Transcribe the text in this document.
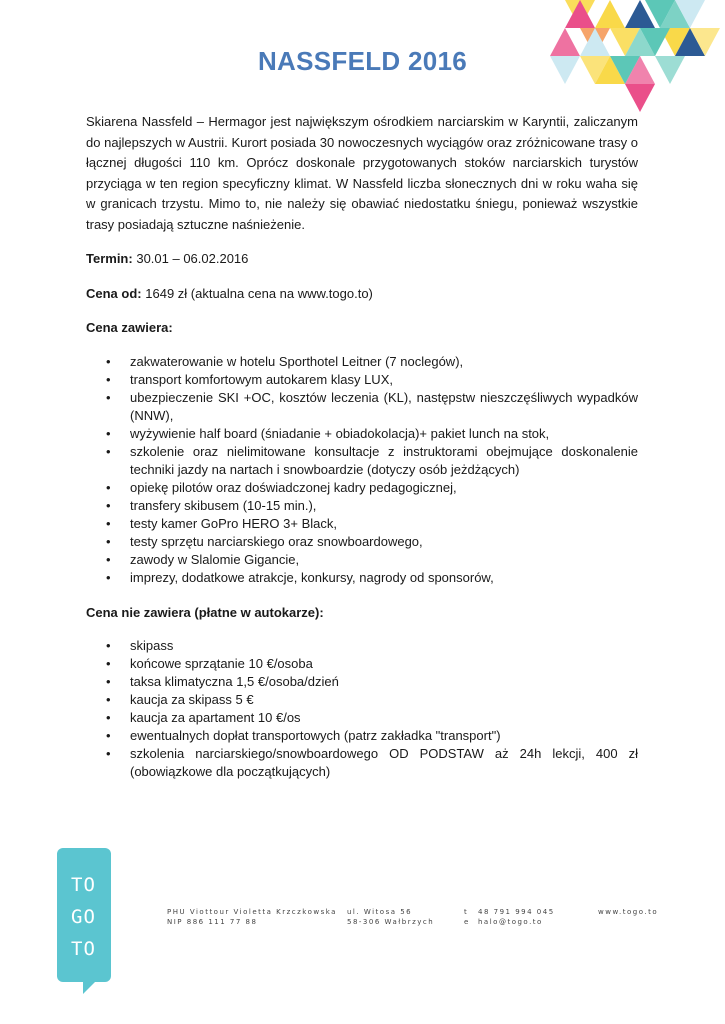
NASSFELD 2016

Skiarena Nassfeld – Hermagor jest największym ośrodkiem narciarskim w Karyntii, zaliczanym do najlepszych w Austrii. Kurort posiada 30 nowoczesnych wyciągów oraz zróżnicowane trasy o łącznej długości 110 km. Oprócz doskonale przygotowanych stoków narciarskich turystów przyciąga w ten region specyficzny klimat. W Nassfeld liczba słonecznych dni w roku waha się w granicach trzystu. Mimo to, nie należy się obawiać niedostatku śniegu, ponieważ wszystkie trasy posiadają sztuczne naśnieżenie.

Termin: 30.01 – 06.02.2016

Cena od: 1649 zł (aktualna cena na www.togo.to)

Cena zawiera:

• zakwaterowanie w hotelu Sporthotel Leitner (7 noclegów),
• transport komfortowym autokarem klasy LUX,
• ubezpieczenie SKI +OC, kosztów leczenia (KL), następstw nieszczęśliwych wypadków (NNW),
• wyżywienie half board (śniadanie + obiadokolacja)+ pakiet lunch na stok,
• szkolenie oraz nielimitowane konsultacje z instruktorami obejmujące doskonalenie techniki jazdy na nartach i snowboardzie (dotyczy osób jeżdżących)
• opiekę pilotów oraz doświadczonej kadry pedagogicznej,
• transfery skibusem (10-15 min.),
• testy kamer GoPro HERO 3+ Black,
• testy sprzętu narciarskiego oraz snowboardowego,
• zawody w Slalomie Gigancie,
• imprezy, dodatkowe atrakcje, konkursy, nagrody od sponsorów,

Cena nie zawiera (płatne w autokarze):

• skipass
• końcowe sprzątanie 10 €/osoba
• taksa klimatyczna 1,5 €/osoba/dzień
• kaucja za skipass 5 €
• kaucja za apartament 10 €/os
• ewentualnych dopłat transportowych (patrz zakładka "transport")
• szkolenia narciarskiego/snowboardowego OD PODSTAW aż 24h lekcji, 400 zł (obowiązkowe dla początkujących)
TO
GO
TO
PHU Viottour Violetta Krzczkowska
NIP 886 111 77 88
ul. Witosa 56
58-306 Wałbrzych
t 48 791 994 045
e halo@togo.to
www.togo.to
